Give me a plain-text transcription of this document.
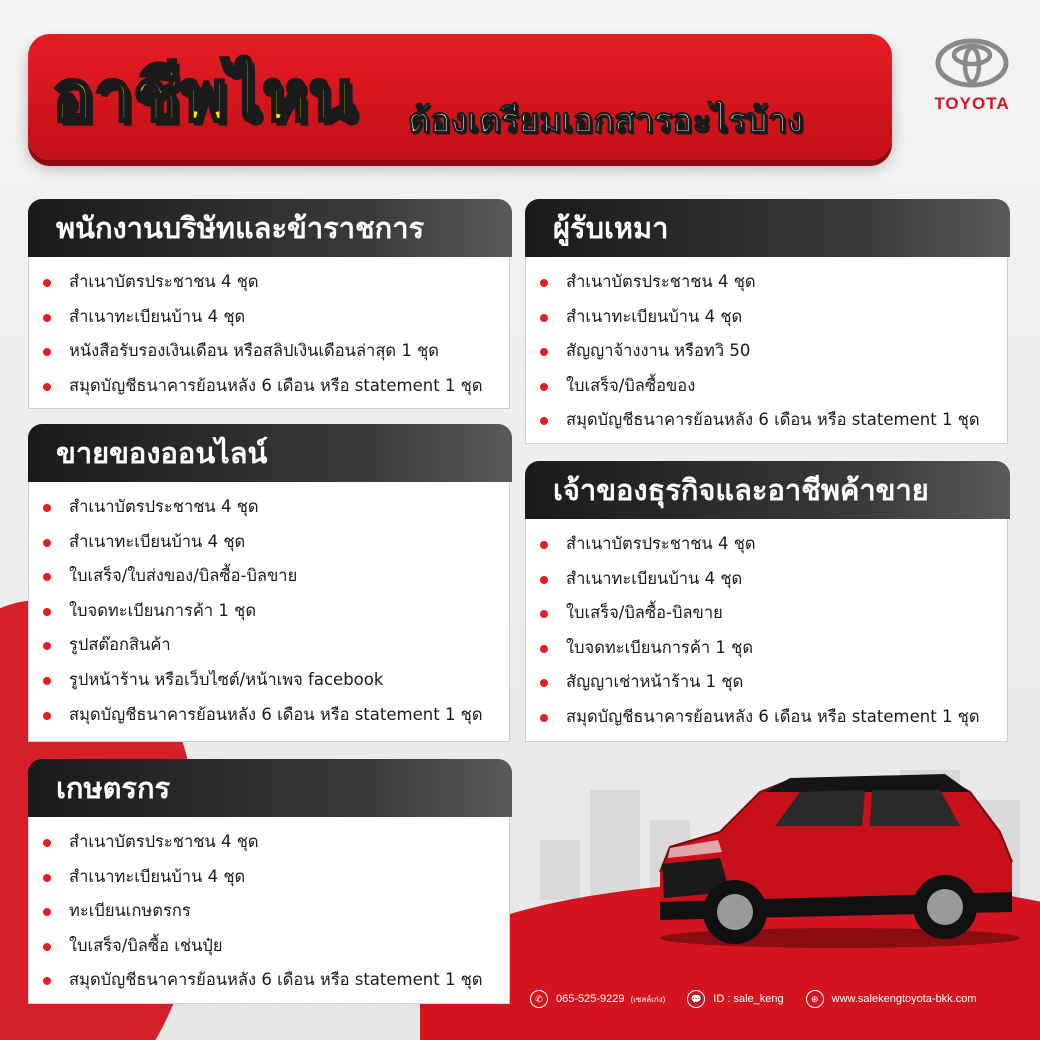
อาชีพไหน ต้องเตรียมเอกสารอะไรบ้าง	TOYOTA
พนักงานบริษัทและข้าราชการ
สำเนาบัตรประชาชน 4 ชุด
สำเนาทะเบียนบ้าน 4 ชุด
หนังสือรับรองเงินเดือน หรือสลิปเงินเดือนล่าสุด 1 ชุด
สมุดบัญชีธนาคารย้อนหลัง 6 เดือน หรือ statement 1 ชุด
ผู้รับเหมา
สำเนาบัตรประชาชน 4 ชุด
สำเนาทะเบียนบ้าน 4 ชุด
สัญญาจ้างงาน หรือทวิ 50
ใบเสร็จ/บิลซื้อของ
สมุดบัญชีธนาคารย้อนหลัง 6 เดือน หรือ statement 1 ชุด
ขายของออนไลน์
สำเนาบัตรประชาชน 4 ชุด
สำเนาทะเบียนบ้าน 4 ชุด
ใบเสร็จ/ใบส่งของ/บิลซื้อ-บิลขาย
ใบจดทะเบียนการค้า 1 ชุด
รูปสต๊อกสินค้า
รูปหน้าร้าน หรือเว็บไซต์/หน้าเพจ facebook
สมุดบัญชีธนาคารย้อนหลัง 6 เดือน หรือ statement 1 ชุด
เจ้าของธุรกิจและอาชีพค้าขาย
สำเนาบัตรประชาชน 4 ชุด
สำเนาทะเบียนบ้าน 4 ชุด
ใบเสร็จ/บิลซื้อ-บิลขาย
ใบจดทะเบียนการค้า 1 ชุด
สัญญาเช่าหน้าร้าน 1 ชุด
สมุดบัญชีธนาคารย้อนหลัง 6 เดือน หรือ statement 1 ชุด
เกษตรกร
สำเนาบัตรประชาชน 4 ชุด
สำเนาทะเบียนบ้าน 4 ชุด
ทะเบียนเกษตรกร
ใบเสร็จ/บิลซื้อ เช่นปุ๋ย
สมุดบัญชีธนาคารย้อนหลัง 6 เดือน หรือ statement 1 ชุด
✆	065-525-9229 (เซลล์เก่ง)	💬	ID : sale_keng	⊕	www.salekengtoyota-bkk.com
